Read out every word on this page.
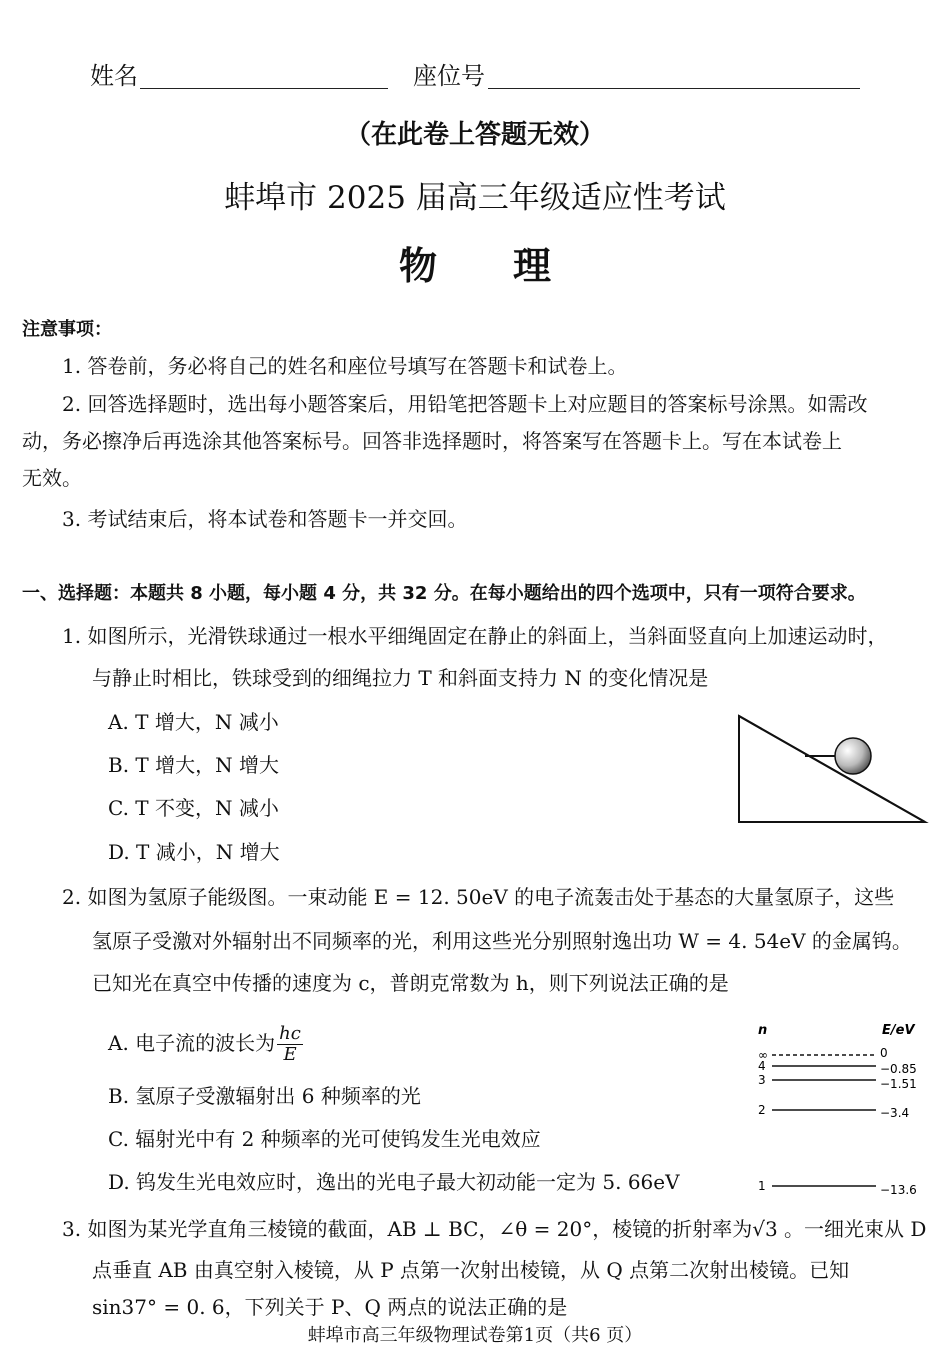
姓名	座位号
（在此卷上答题无效）
蚌埠市 2025 届高三年级适应性考试
物　　理
注意事项：
1. 答卷前，务必将自己的姓名和座位号填写在答题卡和试卷上。
2. 回答选择题时，选出每小题答案后，用铅笔把答题卡上对应题目的答案标号涂黑。如需改
动，务必擦净后再选涂其他答案标号。回答非选择题时，将答案写在答题卡上。写在本试卷上
无效。
3. 考试结束后，将本试卷和答题卡一并交回。
一、选择题：本题共 8 小题，每小题 4 分，共 32 分。在每小题给出的四个选项中，只有一项符合要求。
1. 如图所示，光滑铁球通过一根水平细绳固定在静止的斜面上，当斜面竖直向上加速运动时，
与静止时相比，铁球受到的细绳拉力 T 和斜面支持力 N 的变化情况是
A. T 增大，N 减小
B. T 增大，N 增大
C. T 不变，N 减小
D. T 减小，N 增大
2. 如图为氢原子能级图。一束动能 E = 12. 50eV 的电子流轰击处于基态的大量氢原子，这些
氢原子受激对外辐射出不同频率的光，利用这些光分别照射逸出功 W = 4. 54eV 的金属钨。
已知光在真空中传播的速度为 c，普朗克常数为 h，则下列说法正确的是
A. 电子流的波长为 $\frac{hc}{E}$
B. 氢原子受激辐射出 6 种频率的光
C. 辐射光中有 2 种频率的光可使钨发生光电效应
D. 钨发生光电效应时，逸出的光电子最大初动能一定为 5. 66eV
n	E/eV
∞	0
4	−0.85
3	−1.51
2	−3.4
1	−13.6
3. 如图为某光学直角三棱镜的截面，AB ⊥ BC，∠θ = 20°，棱镜的折射率为√3 。一细光束从 D
点垂直 AB 由真空射入棱镜，从 P 点第一次射出棱镜，从 Q 点第二次射出棱镜。已知
sin37° = 0. 6，下列关于 P、Q 两点的说法正确的是
蚌埠市高三年级物理试卷第1页（共6 页）
